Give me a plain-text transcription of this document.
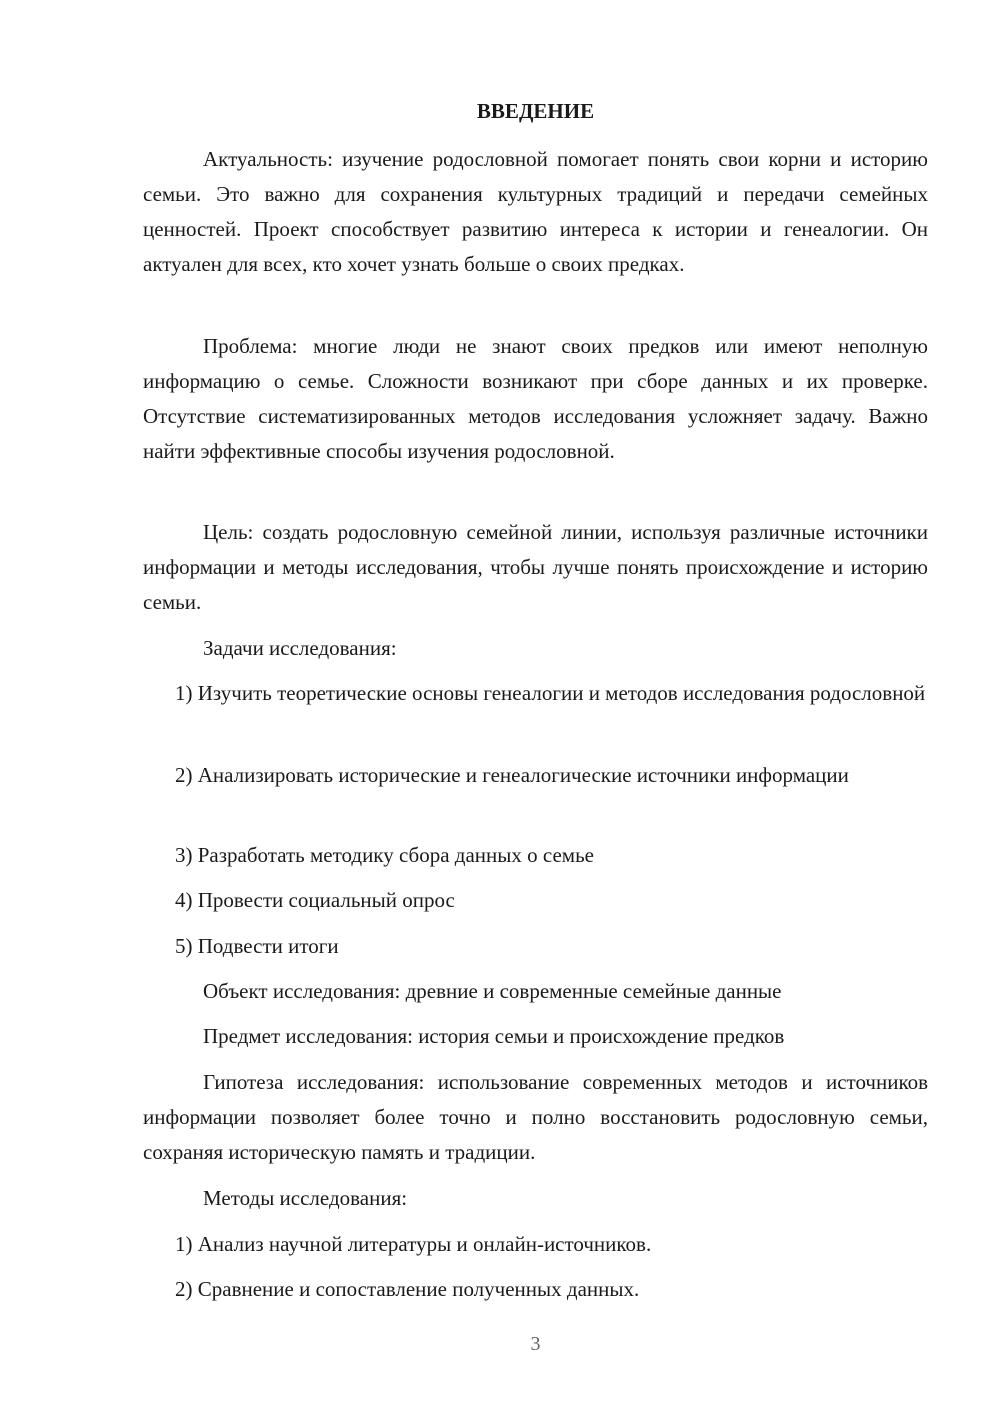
ВВЕДЕНИЕ

Актуальность: изучение родословной помогает понять свои корни и историю семьи. Это важно для сохранения культурных традиций и передачи семейных ценностей. Проект способствует развитию интереса к истории и генеалогии. Он актуален для всех, кто хочет узнать больше о своих предках.

Проблема: многие люди не знают своих предков или имеют неполную информацию о семье. Сложности возникают при сборе данных и их проверке. Отсутствие систематизированных методов исследования усложняет задачу. Важно найти эффективные способы изучения родословной.

Цель: создать родословную семейной линии, используя различные источники информации и методы исследования, чтобы лучше понять происхождение и историю семьи.

Задачи исследования:

1) Изучить теоретические основы генеалогии и методов исследования родословной

2) Анализировать исторические и генеалогические источники информации

3) Разработать методику сбора данных о семье

4) Провести социальный опрос

5) Подвести итоги

Объект исследования: древние и современные семейные данные

Предмет исследования: история семьи и происхождение предков

Гипотеза исследования: использование современных методов и источников информации позволяет более точно и полно восстановить родословную семьи, сохраняя историческую память и традиции.

Методы исследования:

1) Анализ научной литературы и онлайн-источников.

2) Сравнение и сопоставление полученных данных.

3
